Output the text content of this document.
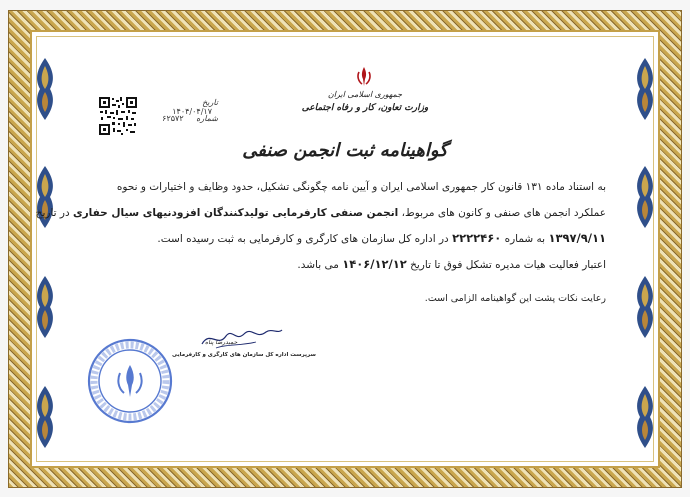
جمهوری اسلامی ایران
وزارت تعاون، کار و رفاه اجتماعی
تاریخ ۱۴۰۴/۰۴/۱۷
شماره ۶۲۵۷۲
گواهینامه ثبت انجمن صنفی
به استناد ماده ۱۳۱ قانون کار جمهوری اسلامی ایران و آیین نامه چگونگی تشکیل، حدود وظایف و اختیارات و نحوه
عملکرد انجمن های صنفی و کانون های مربوط، انجمن صنفی کارفرمایی تولیدکنندگان افزودنیهای سیال حفاری در تاریخ
۱۳۹۷/۹/۱۱ به شماره ۲۲۲۲۴۶۰ در اداره کل سازمان های کارگری و کارفرمایی به ثبت رسیده است.
اعتبار فعالیت هیات مدیره تشکل فوق تا تاریخ ۱۴۰۶/۱۲/۱۲ می باشد.
رعایت نکات پشت این گواهینامه الزامی است.
حمیدرضا پناه
سرپرست اداره کل سازمان های کارگری و کارفرمایی
